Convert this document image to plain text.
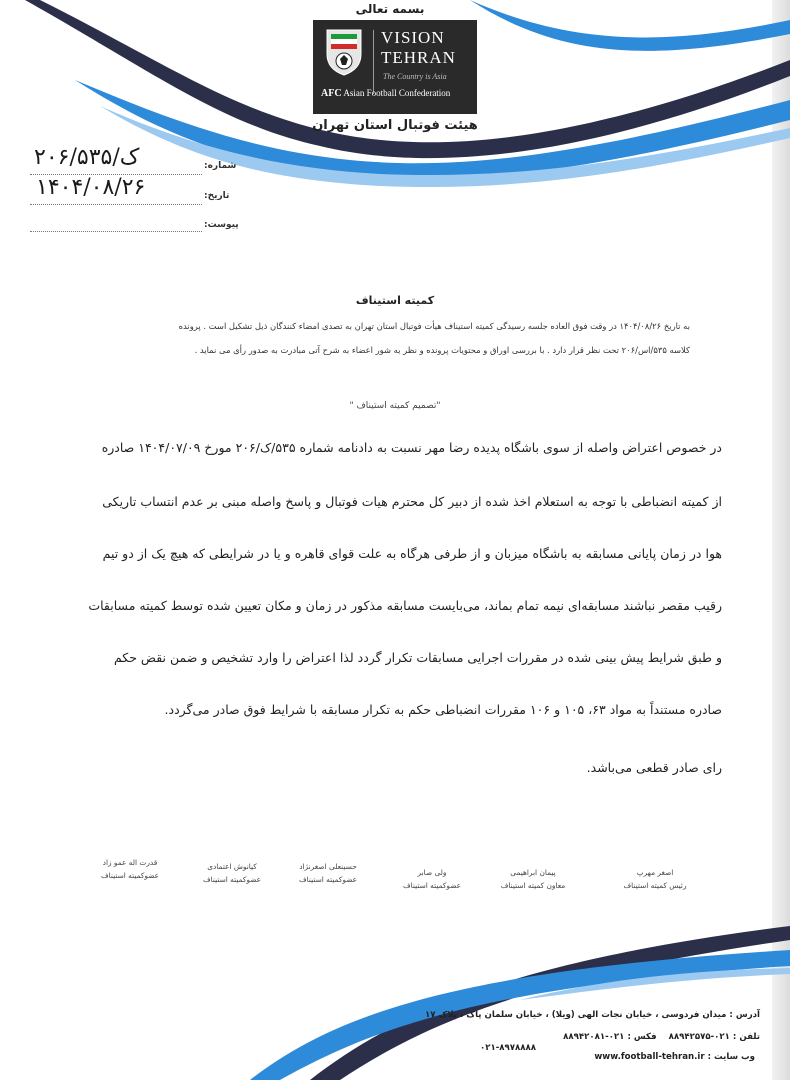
بسمه تعالی
VISION
TEHRAN
The Country is Asia
AFC Asian Football Confederation
هیئت فوتبال استان تهران
شماره:
۲۰۶/ک/۵۳۵
تاریخ:
۱۴۰۴/۰۸/۲۶
پیوست:
کمیته استیناف
به تاریخ ۱۴۰۴/۰۸/۲۶ در وقت فوق العاده جلسه رسیدگی کمیته استیناف هیأت فوتبال استان تهران به تصدی امضاء کنندگان ذیل تشکیل است . پرونده
کلاسه ۵۳۵/اس/۲۰۶ تحت نظر قرار دارد . با بررسی اوراق و محتویات پرونده و نظر به شور اعضاء به شرح آتی مبادرت به صدور رأی می نماید .
"تصمیم کمیته استیناف "
در خصوص اعتراض واصله از سوی باشگاه پدیده رضا مهر نسبت به دادنامه شماره ۵۳۵/ک/۲۰۶ مورخ ۱۴۰۴/۰۷/۰۹ صادره
از کمیته انضباطی با توجه به استعلام اخذ شده از دبیر کل محترم هیات فوتبال و پاسخ واصله مبنی بر عدم انتساب تاریکی
هوا در زمان پایانی مسابقه به باشگاه میزبان و از طرفی هرگاه به علت قوای قاهره و یا در شرایطی که هیچ یک از دو تیم
رقیب مقصر نباشند مسابقه‌ای نیمه تمام بماند، می‌بایست مسابقه مذکور در زمان و مکان تعیین شده توسط کمیته مسابقات
و طبق شرایط پیش بینی شده در مقررات اجرایی مسابقات تکرار گردد لذا اعتراض را وارد تشخیص و ضمن نقض حکم
صادره مستنداً به مواد ۶۳، ۱۰۵ و ۱۰۶ مقررات انضباطی حکم به تکرار مسابقه با شرایط فوق صادر می‌گردد.
رای صادر قطعی می‌باشد.
اصغر مهرپ
رئیس کمیته استیناف
پیمان ابراهیمی
معاون کمیته استیناف
ولی صابر
عضوکمیته استیناف
حسینعلی اصغرنژاد
عضوکمیته استیناف
کیانوش اعتمادی
عضوکمیته استیناف
قدرت اله عمو زاد
عضوکمیته استیناف
آدرس : میدان فردوسی ، خیابان نجات الهی (ویلا) ، خیابان سلمان پاک ، پلاک ۱۷
تلفن : ۰۲۱-۸۸۹۴۲۵۷۵    فکس : ۰۲۱-۸۸۹۴۲۰۸۱
۰۲۱-۸۹۷۸۸۸۸
وب سایت : www.football-tehran.ir
